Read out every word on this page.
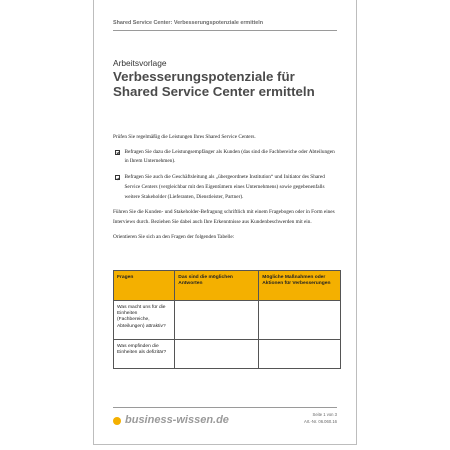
Shared Service Center: Verbesserungspotenziale ermitteln
Arbeitsvorlage
Verbesserungspotenziale für Shared Service Center ermitteln

Prüfen Sie regelmäßig die Leistungen Ihres Shared Service Centers.

Befragen Sie dazu die Leistungsempfänger als Kunden (das sind die Fachbereiche oder Abteilungen in Ihrem Unternehmen).
Befragen Sie auch die Geschäftsleitung als „übergeordnete Institution“ und Initiator des Shared Service Centers (vergleichbar mit den Eigentümern eines Unternehmens) sowie gegebenenfalls weitere Stakeholder (Lieferanten, Dienstleister, Partner).

Führen Sie die Kunden- und Stakeholder-Befragung schriftlich mit einem Fragebogen oder in Form eines Interviews durch. Beziehen Sie dabei auch Ihre Erkenntnisse aus Kundenbeschwerden mit ein.

Orientieren Sie sich an den Fragen der folgenden Tabelle:

Fragen	Das sind die möglichen Antworten	Mögliche Maßnahmen oder Aktionen für Verbesserungen
Was macht uns für die Einheiten (Fachbereiche, Abteilungen) attraktiv?		
Was empfinden die Einheiten als defizitär?		
business-wissen.de	Seite 1 von 3
Art.-Nr. 06.060.16
